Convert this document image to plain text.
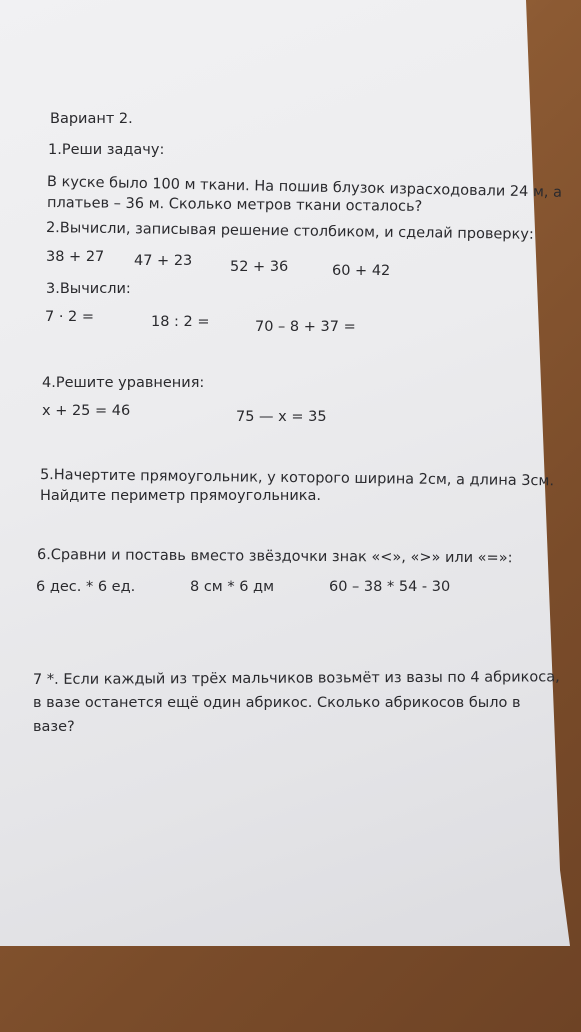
Вариант 2.
1.Реши задачу:
В куске было 100 м ткани. На пошив блузок израсходовали 24 м, а
платьев – 36 м. Сколько метров ткани осталось?
2.Вычисли, записывая решение столбиком, и сделай проверку:
38 + 27 47 + 23	52 + 36	60 + 42
3.Вычисли:
7 · 2 =	18 : 2 =	70 – 8 + 37 =
4.Решите уравнения:
х + 25 = 46	75 — х = 35
5.Начертите прямоугольник, у которого ширина 2см, а длина 3см.
Найдите периметр прямоугольника.
6.Сравни и поставь вместо звёздочки знак «<», «>» или «=»:
6 дес. * 6 ед.	8 см * 6 дм	60 – 38 * 54 - 30
7 *. Если каждый из трёх мальчиков возьмёт из вазы по 4 абрикоса,
в вазе останется ещё один абрикос. Сколько абрикосов было в
вазе?
